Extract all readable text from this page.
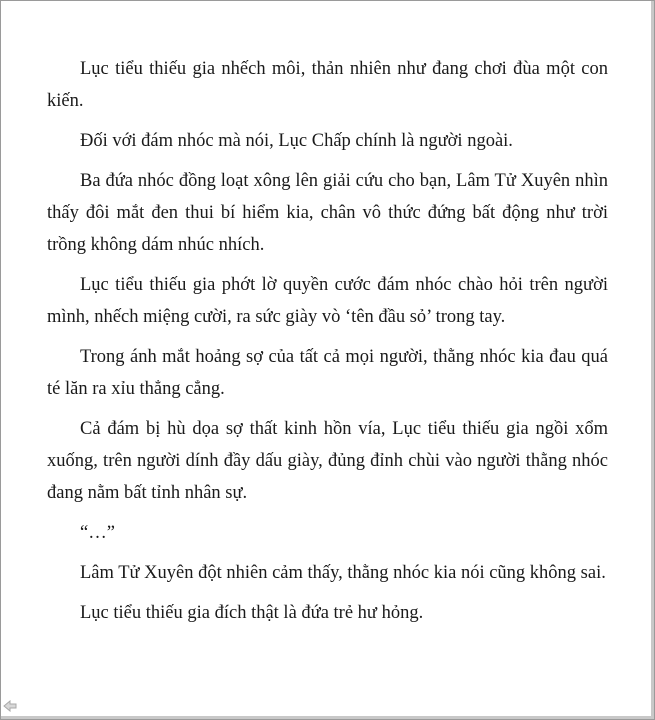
Lục tiểu thiếu gia nhếch môi, thản nhiên như đang chơi đùa một con kiến.

Đối với đám nhóc mà nói, Lục Chấp chính là người ngoài.

Ba đứa nhóc đồng loạt xông lên giải cứu cho bạn, Lâm Tử Xuyên nhìn thấy đôi mắt đen thui bí hiểm kia, chân vô thức đứng bất động như trời trồng không dám nhúc nhích.

Lục tiểu thiếu gia phớt lờ quyền cước đám nhóc chào hỏi trên người mình, nhếch miệng cười, ra sức giày vò ‘tên đầu sỏ’ trong tay.

Trong ánh mắt hoảng sợ của tất cả mọi người, thằng nhóc kia đau quá té lăn ra xỉu thẳng cẳng.

Cả đám bị hù dọa sợ thất kinh hồn vía, Lục tiểu thiếu gia ngồi xổm xuống, trên người dính đầy dấu giày, đủng đỉnh chùi vào người thằng nhóc đang nằm bất tỉnh nhân sự.

“…”

Lâm Tử Xuyên đột nhiên cảm thấy, thằng nhóc kia nói cũng không sai.

Lục tiểu thiếu gia đích thật là đứa trẻ hư hỏng.
